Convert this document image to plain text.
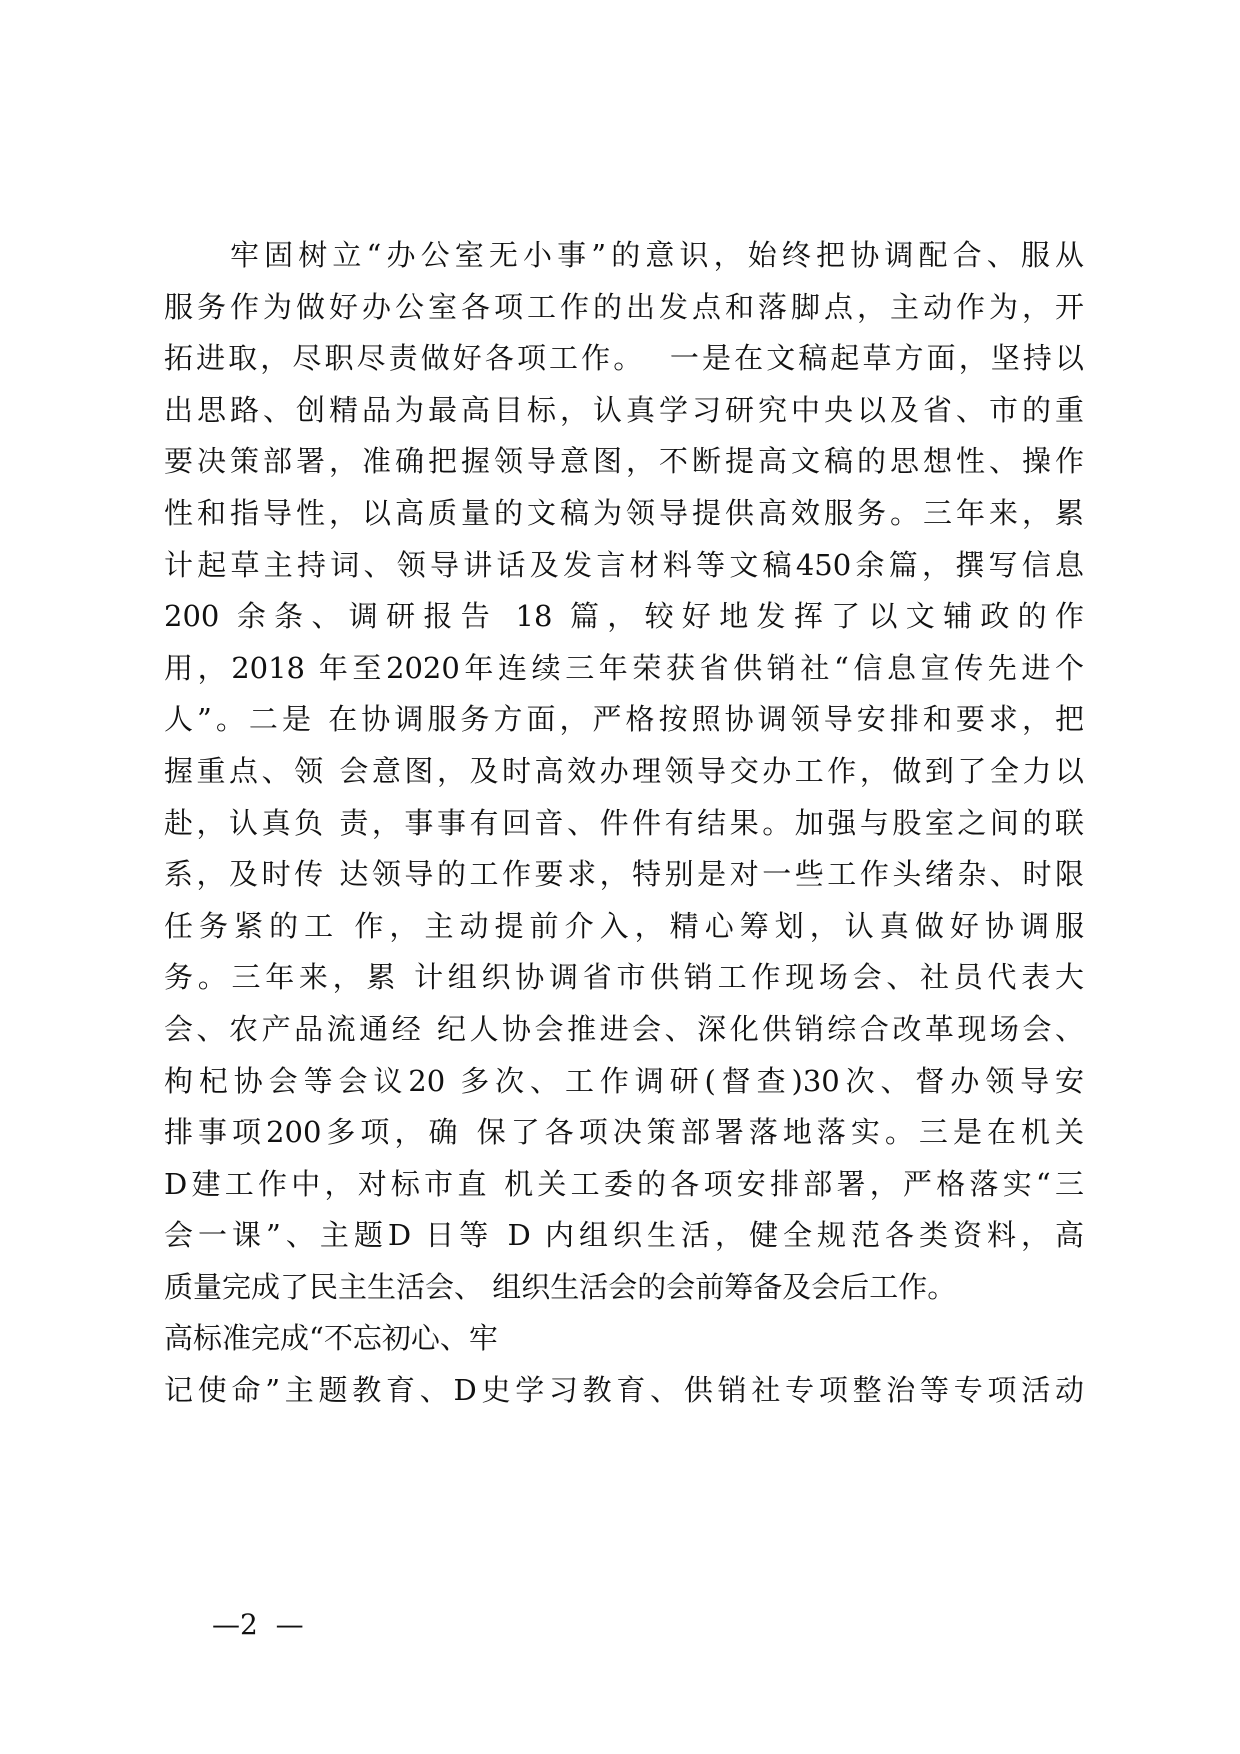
牢固树立“办公室无小事”的意识，始终把协调配合、服从
服务作为做好办公室各项工作的出发点和落脚点，主动作为，开
拓进取，尽职尽责做好各项工作。  一是在文稿起草方面，坚持以
出思路、创精品为最高目标，认真学习研究中央以及省、市的重
要决策部署，准确把握领导意图，不断提高文稿的思想性、操作
性和指导性，以高质量的文稿为领导提供高效服务。三年来，累
计起草主持词、领导讲话及发言材料等文稿450余篇，撰写信息
200 余条、调研报告 18 篇，较好地发挥了以文辅政的作
用，2018 年至2020年连续三年荣获省供销社“信息宣传先进个
人”。二是 在协调服务方面，严格按照协调领导安排和要求，把
握重点、领 会意图，及时高效办理领导交办工作，做到了全力以
赴，认真负 责，事事有回音、件件有结果。加强与股室之间的联
系，及时传 达领导的工作要求，特别是对一些工作头绪杂、时限
任务紧的工 作，主动提前介入，精心筹划，认真做好协调服
务。三年来，累 计组织协调省市供销工作现场会、社员代表大
会、农产品流通经 纪人协会推进会、深化供销综合改革现场会、
枸杞协会等会议20 多次、工作调研(督查)30次、督办领导安
排事项200多项，确 保了各项决策部署落地落实。三是在机关
D建工作中，对标市直 机关工委的各项安排部署，严格落实“三
会一课”、主题D 日等 D 内组织生活，健全规范各类资料，高
质量完成了民主生活会、 组织生活会的会前筹备及会后工作。
高标准完成“不忘初心、牢
记使命”主题教育、D史学习教育、供销社专项整治等专项活动
—2  —
